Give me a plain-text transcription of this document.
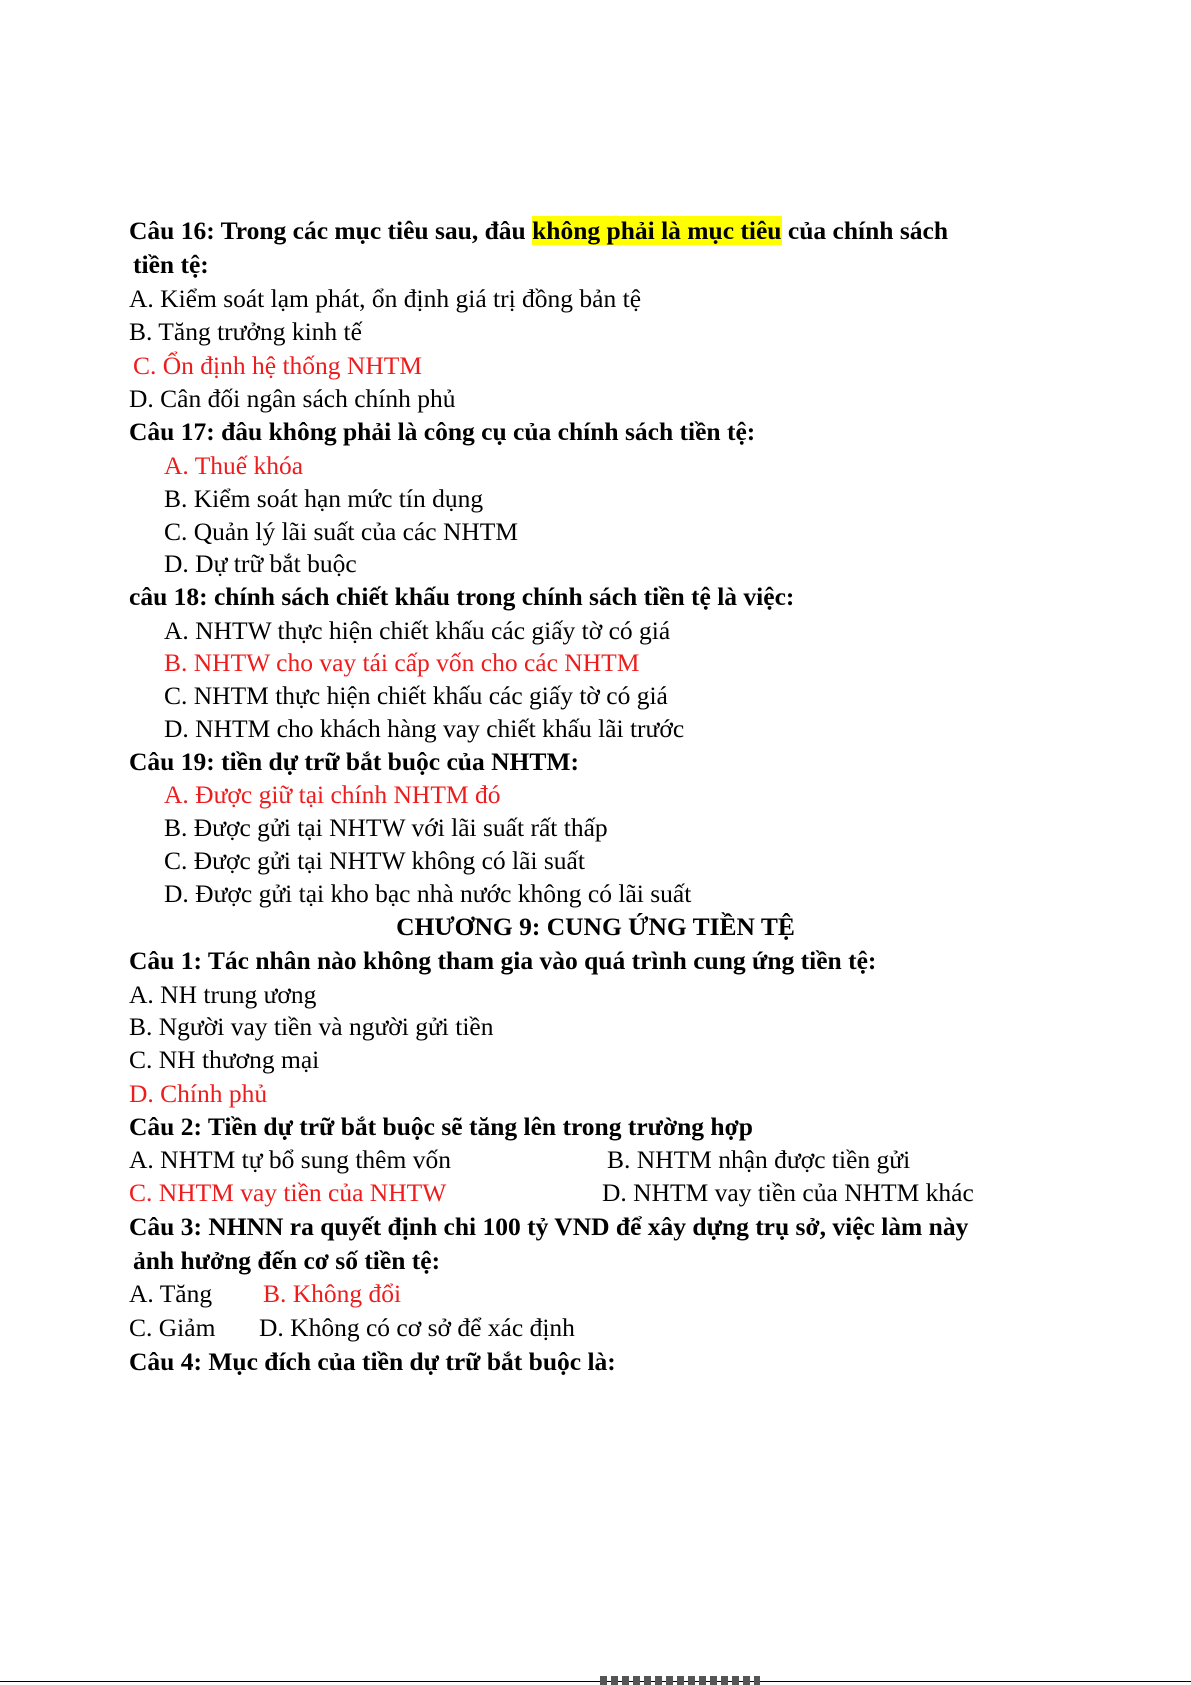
Câu 16: Trong các mục tiêu sau, đâu không phải là mục tiêu của chính sách
tiền tệ:
A. Kiểm soát lạm phát, ổn định giá trị đồng bản tệ
B. Tăng trưởng kinh tế
C. Ổn định hệ thống NHTM
D. Cân đối ngân sách chính phủ
Câu 17: đâu không phải là công cụ của chính sách tiền tệ:
A. Thuế khóa
B. Kiểm soát hạn mức tín dụng
C. Quản lý lãi suất của các NHTM
D. Dự trữ bắt buộc
câu 18: chính sách chiết khấu trong chính sách tiền tệ là việc:
A. NHTW thực hiện chiết khấu các giấy tờ có giá
B. NHTW cho vay tái cấp vốn cho các NHTM
C. NHTM thực hiện chiết khấu các giấy tờ có giá
D. NHTM cho khách hàng vay chiết khấu lãi trước
Câu 19: tiền dự trữ bắt buộc của NHTM:
A. Được giữ tại chính NHTM đó
B. Được gửi tại NHTW với lãi suất rất thấp
C. Được gửi tại NHTW không có lãi suất
D. Được gửi tại kho bạc nhà nước không có lãi suất
CHƯƠNG 9: CUNG ỨNG TIỀN TỆ
Câu 1: Tác nhân nào không tham gia vào quá trình cung ứng tiền tệ:
A. NH trung ương
B. Người vay tiền và người gửi tiền
C. NH thương mại
D. Chính phủ
Câu 2: Tiền dự trữ bắt buộc sẽ tăng lên trong trường hợp
A. NHTM tự bổ sung thêm vốn	B. NHTM nhận được tiền gửi
C. NHTM vay tiền của NHTW	D. NHTM vay tiền của NHTM khác
Câu 3: NHNN ra quyết định chi 100 tỷ VND để xây dựng trụ sở, việc làm này
ảnh hưởng đến cơ số tiền tệ:
A. Tăng B. Không đổi
C. Giảm D. Không có cơ sở để xác định
Câu 4: Mục đích của tiền dự trữ bắt buộc là:
